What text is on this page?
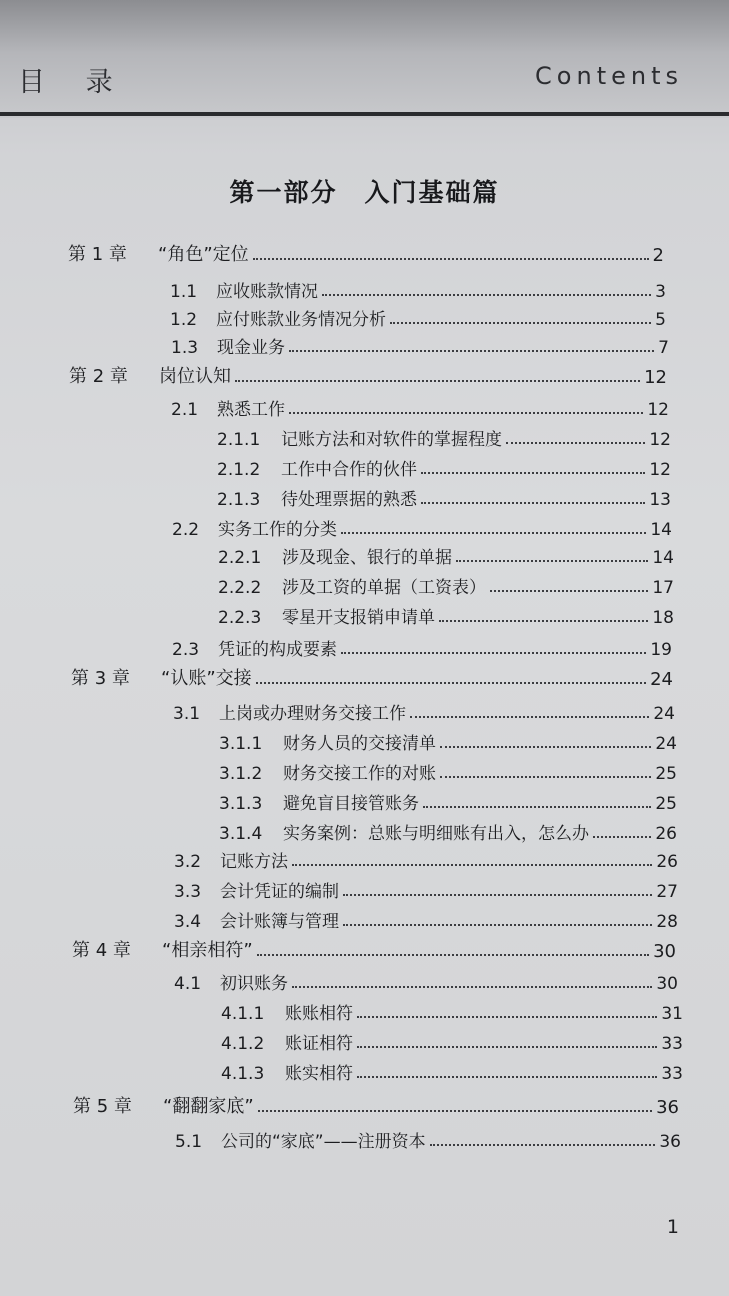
目 录	Contents
第一部分　入门基础篇
第 1 章	“角色”定位	2
1.1	应收账款情况	3
1.2	应付账款业务情况分析	5
1.3	现金业务	7
第 2 章	岗位认知	12
2.1	熟悉工作	12
2.1.1	记账方法和对软件的掌握程度	12
2.1.2	工作中合作的伙伴	12
2.1.3	待处理票据的熟悉	13
2.2	实务工作的分类	14
2.2.1	涉及现金、银行的单据	14
2.2.2	涉及工资的单据（工资表）	17
2.2.3	零星开支报销申请单	18
2.3	凭证的构成要素	19
第 3 章	“认账”交接	24
3.1	上岗或办理财务交接工作	24
3.1.1	财务人员的交接清单	24
3.1.2	财务交接工作的对账	25
3.1.3	避免盲目接管账务	25
3.1.4	实务案例：总账与明细账有出入，怎么办	26
3.2	记账方法	26
3.3	会计凭证的编制	27
3.4	会计账簿与管理	28
第 4 章	“相亲相符”	30
4.1	初识账务	30
4.1.1	账账相符	31
4.1.2	账证相符	33
4.1.3	账实相符	33
第 5 章	“翻翻家底”	36
5.1	公司的“家底”——注册资本	36
1
